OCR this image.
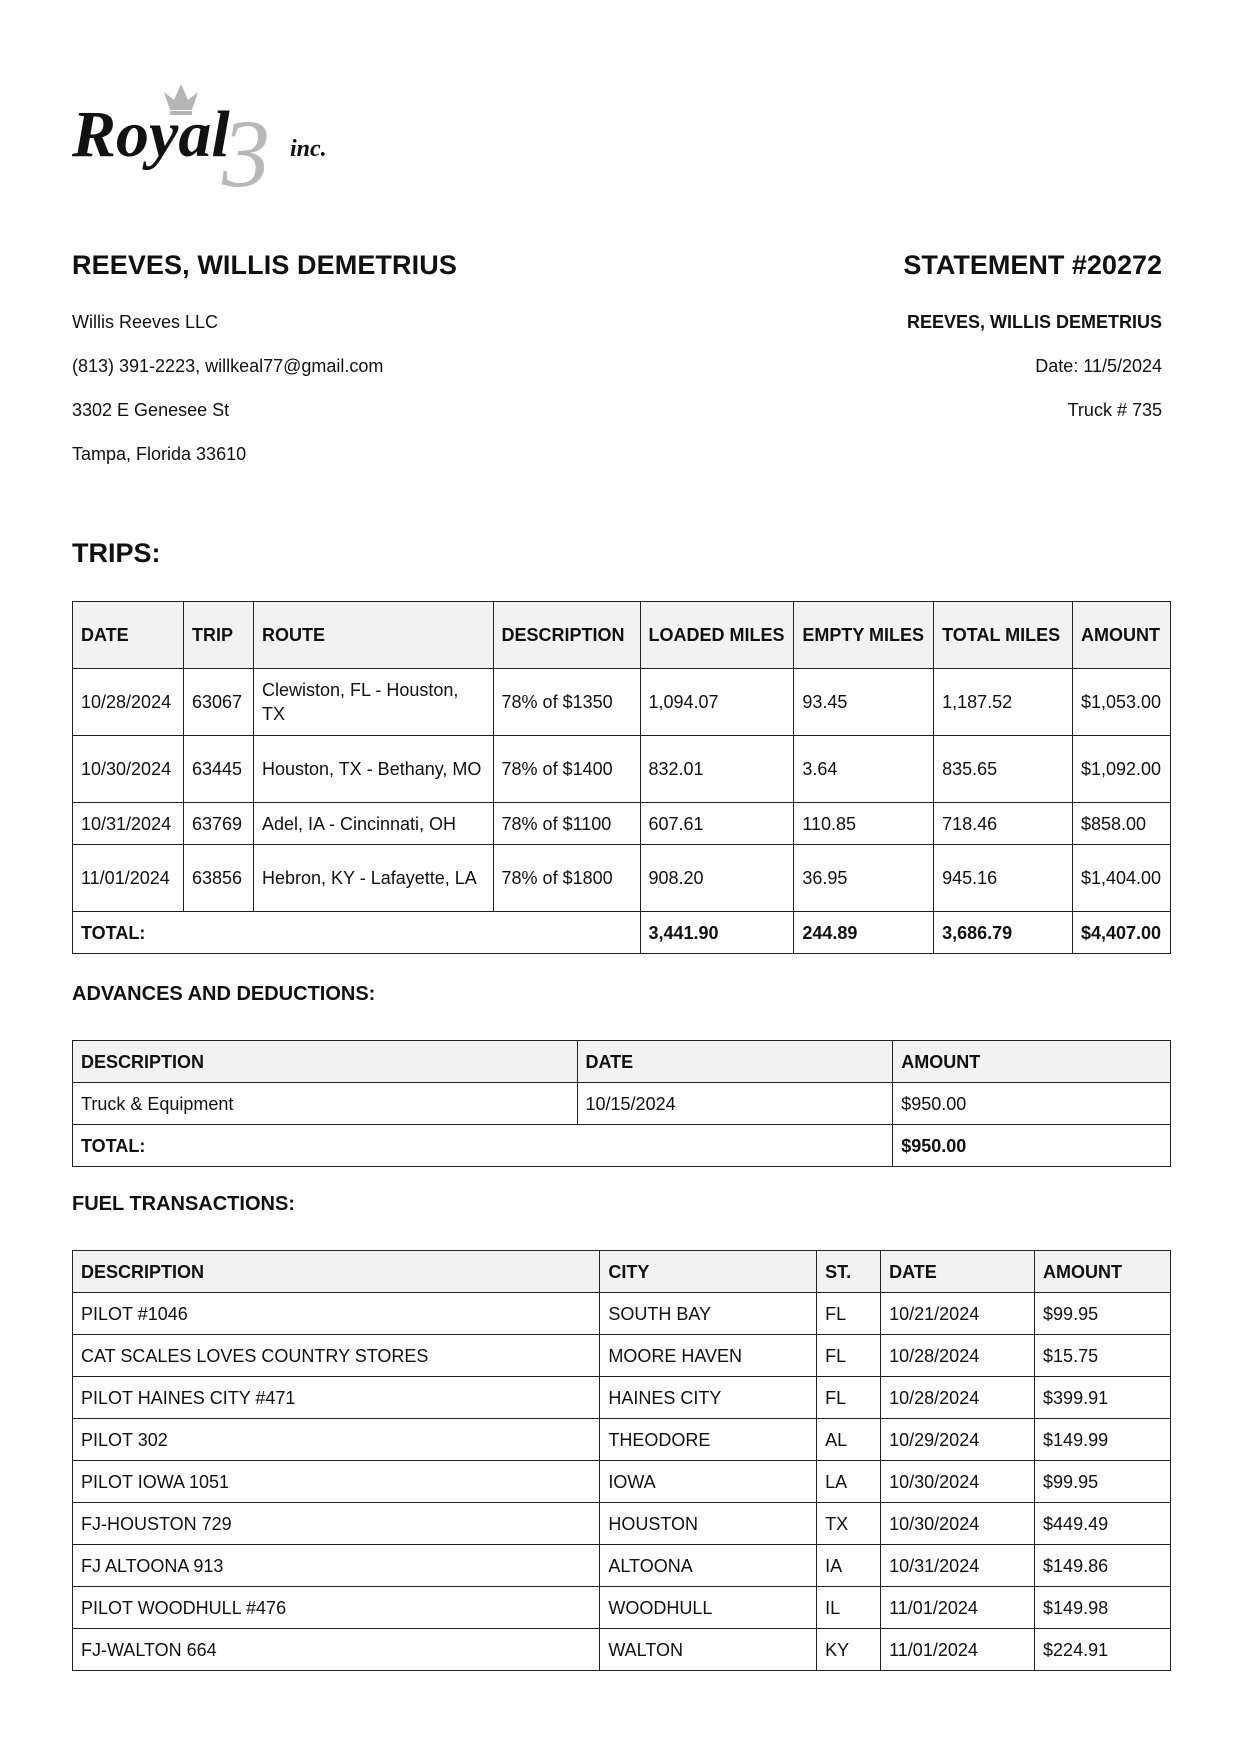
3
Royal	inc.
REEVES, WILLIS DEMETRIUS	STATEMENT #20272
Willis Reeves LLC
(813) 391-2223, willkeal77@gmail.com
3302 E Genesee St
Tampa, Florida 33610
REEVES, WILLIS DEMETRIUS
Date: 11/5/2024
Truck # 735
TRIPS:
DATE	TRIP	ROUTE	DESCRIPTION	LOADED MILES	EMPTY MILES	TOTAL MILES	AMOUNT
10/28/2024	63067	Clewiston, FL - Houston, TX	78% of $1350	1,094.07	93.45	1,187.52	$1,053.00
10/30/2024	63445	Houston, TX - Bethany, MO	78% of $1400	832.01	3.64	835.65	$1,092.00
10/31/2024	63769	Adel, IA - Cincinnati, OH	78% of $1100	607.61	110.85	718.46	$858.00
11/01/2024	63856	Hebron, KY - Lafayette, LA	78% of $1800	908.20	36.95	945.16	$1,404.00
TOTAL:				3,441.90	244.89	3,686.79	$4,407.00
ADVANCES AND DEDUCTIONS:
DESCRIPTION	DATE	AMOUNT
Truck & Equipment	10/15/2024	$950.00
TOTAL:		$950.00
FUEL TRANSACTIONS:
DESCRIPTION	CITY	ST.	DATE	AMOUNT
PILOT #1046	SOUTH BAY	FL	10/21/2024	$99.95
CAT SCALES LOVES COUNTRY STORES	MOORE HAVEN	FL	10/28/2024	$15.75
PILOT HAINES CITY #471	HAINES CITY	FL	10/28/2024	$399.91
PILOT 302	THEODORE	AL	10/29/2024	$149.99
PILOT IOWA 1051	IOWA	LA	10/30/2024	$99.95
FJ-HOUSTON 729	HOUSTON	TX	10/30/2024	$449.49
FJ ALTOONA 913	ALTOONA	IA	10/31/2024	$149.86
PILOT WOODHULL #476	WOODHULL	IL	11/01/2024	$149.98
FJ-WALTON 664	WALTON	KY	11/01/2024	$224.91
